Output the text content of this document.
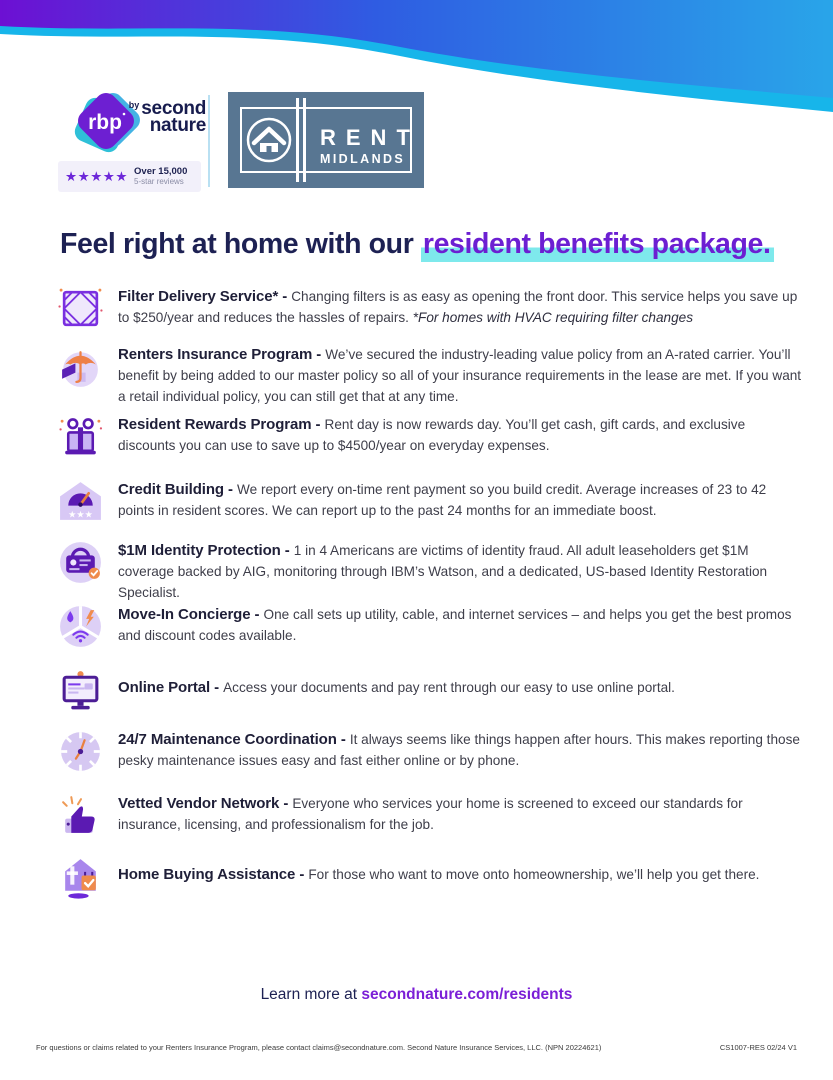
rbp
$^{by}$ second
nature
★★★★★ Over 15,000
5-star reviews
RENT
MIDLANDS
Feel right at home with our resident benefits package.
Filter Delivery Service* - Changing filters is as easy as opening the front door. This service helps you save up to $250/year and reduces the hassles of repairs. *For homes with HVAC requiring filter changes
Renters Insurance Program - We’ve secured the industry-leading value policy from an A-rated carrier. You’ll benefit by being added to our master policy so all of your insurance requirements in the lease are met. If you want a retail individual policy, you can still get that at any time.
Resident Rewards Program - Rent day is now rewards day. You’ll get cash, gift cards, and exclusive discounts you can use to save up to $4500/year on everyday expenses.
★★★
Credit Building - We report every on-time rent payment so you build credit. Average increases of 23 to 42 points in resident scores. We can report up to the past 24 months for an immediate boost.
$1M Identity Protection - 1 in 4 Americans are victims of identity fraud. All adult leaseholders get $1M coverage backed by AIG, monitoring through IBM’s Watson, and a dedicated, US-based Identity Restoration Specialist.
Move-In Concierge - One call sets up utility, cable, and internet services – and helps you get the best promos and discount codes available.
Online Portal - Access your documents and pay rent through our easy to use online portal.
24/7 Maintenance Coordination - It always seems like things happen after hours. This makes reporting those pesky maintenance issues easy and fast either online or by phone.
Vetted Vendor Network - Everyone who services your home is screened to exceed our standards for insurance, licensing, and professionalism for the job.
Home Buying Assistance - For those who want to move onto homeownership, we’ll help you get there.
Learn more at secondnature.com/residents
For questions or claims related to your Renters Insurance Program, please contact claims@secondnature.com. Second Nature Insurance Services, LLC. (NPN 20224621)	CS1007-RES 02/24 V1
